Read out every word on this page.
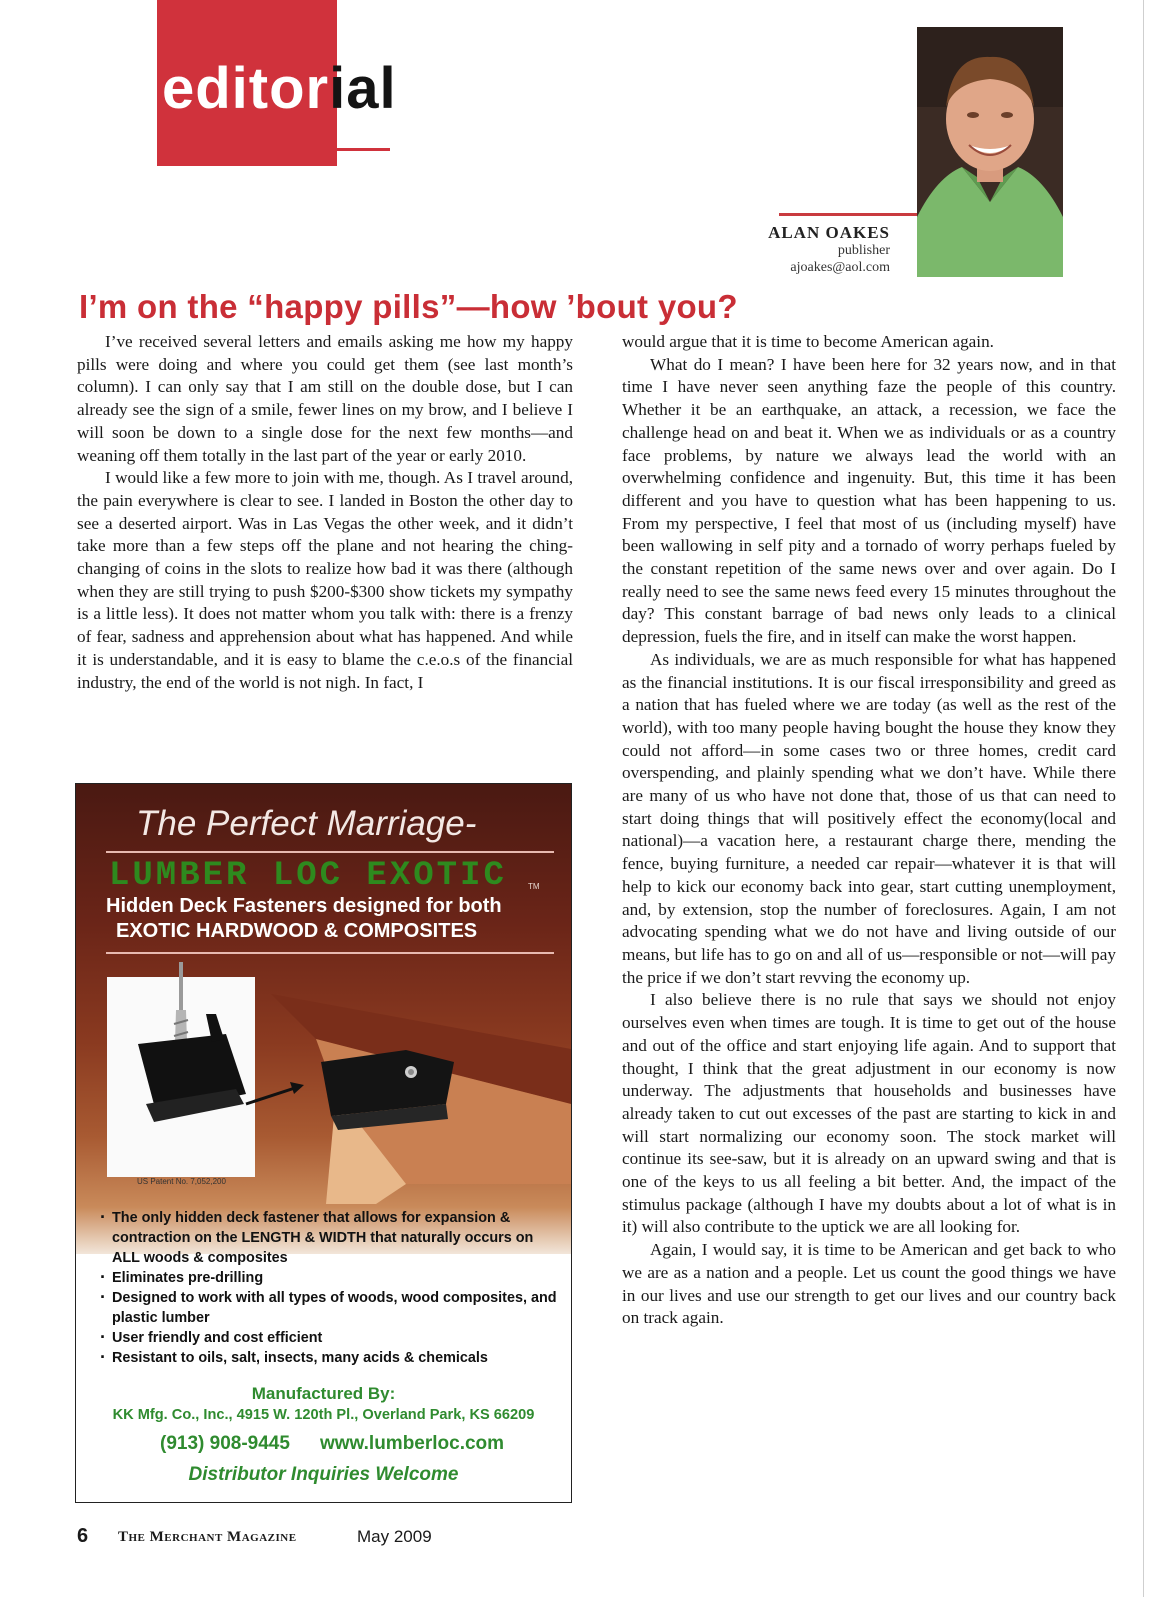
editorial
ALAN OAKES
publisher
ajoakes@aol.com
I’m on the “happy pills”—how ’bout you?

I’ve received several letters and emails asking me how my happy pills were doing and where you could get them (see last month’s column). I can only say that I am still on the double dose, but I can already see the sign of a smile, fewer lines on my brow, and I believe I will soon be down to a single dose for the next few months—and weaning off them totally in the last part of the year or early 2010.

I would like a few more to join with me, though. As I travel around, the pain everywhere is clear to see. I landed in Boston the other day to see a deserted airport. Was in Las Vegas the other week, and it didn’t take more than a few steps off the plane and not hearing the ching-changing of coins in the slots to realize how bad it was there (although when they are still trying to push $200-$300 show tickets my sympathy is a little less). It does not matter whom you talk with: there is a frenzy of fear, sadness and apprehension about what has happened. And while it is understandable, and it is easy to blame the c.e.o.s of the financial industry, the end of the world is not nigh. In fact, I

would argue that it is time to become American again.

What do I mean? I have been here for 32 years now, and in that time I have never seen anything faze the people of this country. Whether it be an earthquake, an attack, a recession, we face the challenge head on and beat it. When we as individuals or as a country face problems, by nature we always lead the world with an overwhelming confidence and ingenuity. But, this time it has been different and you have to question what has been happening to us. From my perspective, I feel that most of us (including myself) have been wallowing in self pity and a tornado of worry perhaps fueled by the constant repetition of the same news over and over again. Do I really need to see the same news feed every 15 minutes throughout the day? This constant barrage of bad news only leads to a clinical depression, fuels the fire, and in itself can make the worst happen.

As individuals, we are as much responsible for what has happened as the financial institutions. It is our fiscal irresponsibility and greed as a nation that has fueled where we are today (as well as the rest of the world), with too many people having bought the house they know they could not afford—in some cases two or three homes, credit card overspending, and plainly spending what we don’t have. While there are many of us who have not done that, those of us that can need to start doing things that will positively effect the economy(local and national)—a vacation here, a restaurant charge there, mending the fence, buying furniture, a needed car repair—whatever it is that will help to kick our economy back into gear, start cutting unemployment, and, by extension, stop the number of foreclosures. Again, I am not advocating spending what we do not have and living outside of our means, but life has to go on and all of us—responsible or not—will pay the price if we don’t start revving the economy up.

I also believe there is no rule that says we should not enjoy ourselves even when times are tough. It is time to get out of the house and out of the office and start enjoying life again. And to support that thought, I think that the great adjustment in our economy is now underway. The adjustments that households and businesses have already taken to cut out excesses of the past are starting to kick in and will start normalizing our economy soon. The stock market will continue its see-saw, but it is already on an upward swing and that is one of the keys to us all feeling a bit better. And, the impact of the stimulus package (although I have my doubts about a lot of what is in it) will also contribute to the uptick we are all looking for.

Again, I would say, it is time to be American and get back to who we are as a nation and a people. Let us count the good things we have in our lives and use our strength to get our lives and our country back on track again.

The Perfect Marriage-
LUMBER LOC EXOTIC	TM
Hidden Deck Fasteners designed for both
EXOTIC HARDWOOD & COMPOSITES
US Patent No. 7,052,200
· The only hidden deck fastener that allows for expansion & contraction on the LENGTH & WIDTH that naturally occurs on ALL woods & composites
· Eliminates pre-drilling
· Designed to work with all types of woods, wood composites, and plastic lumber
· User friendly and cost efficient
· Resistant to oils, salt, insects, many acids & chemicals
Manufactured By:
KK Mfg. Co., Inc., 4915 W. 120th Pl., Overland Park, KS 66209
(913) 908-9445 www.lumberloc.com
Distributor Inquiries Welcome
6 The Merchant Magazine	May 2009
